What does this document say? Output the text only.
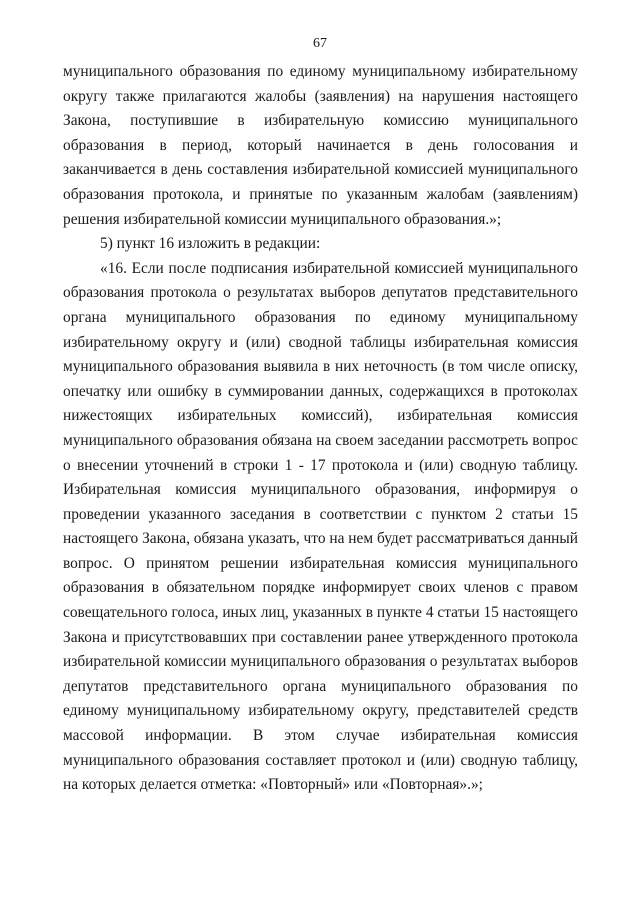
67

муниципального образования по единому муниципальному избирательному округу также прилагаются жалобы (заявления) на нарушения настоящего Закона, поступившие в избирательную комиссию муниципального образования в период, который начинается в день голосования и заканчивается в день составления избирательной комиссией муниципального образования протокола, и принятые по указанным жалобам (заявлениям) решения избирательной комиссии муниципального образования.»;

5) пункт 16 изложить в редакции:

«16. Если после подписания избирательной комиссией муниципального образования протокола о результатах выборов депутатов представительного органа муниципального образования по единому муниципальному избирательному округу и (или) сводной таблицы избирательная комиссия муниципального образования выявила в них неточность (в том числе описку, опечатку или ошибку в суммировании данных, содержащихся в протоколах нижестоящих избирательных комиссий), избирательная комиссия муниципального образования обязана на своем заседании рассмотреть вопрос о внесении уточнений в строки 1 - 17 протокола и (или) сводную таблицу. Избирательная комиссия муниципального образования, информируя о проведении указанного заседания в соответствии с пунктом 2 статьи 15 настоящего Закона, обязана указать, что на нем будет рассматриваться данный вопрос. О принятом решении избирательная комиссия муниципального образования в обязательном порядке информирует своих членов с правом совещательного голоса, иных лиц, указанных в пункте 4 статьи 15 настоящего Закона и присутствовавших при составлении ранее утвержденного протокола избирательной комиссии муниципального образования о результатах выборов депутатов представительного органа муниципального образования по единому муниципальному избирательному округу, представителей средств массовой информации. В этом случае избирательная комиссия муниципального образования составляет протокол и (или) сводную таблицу, на которых делается отметка: «Повторный» или «Повторная».»;
